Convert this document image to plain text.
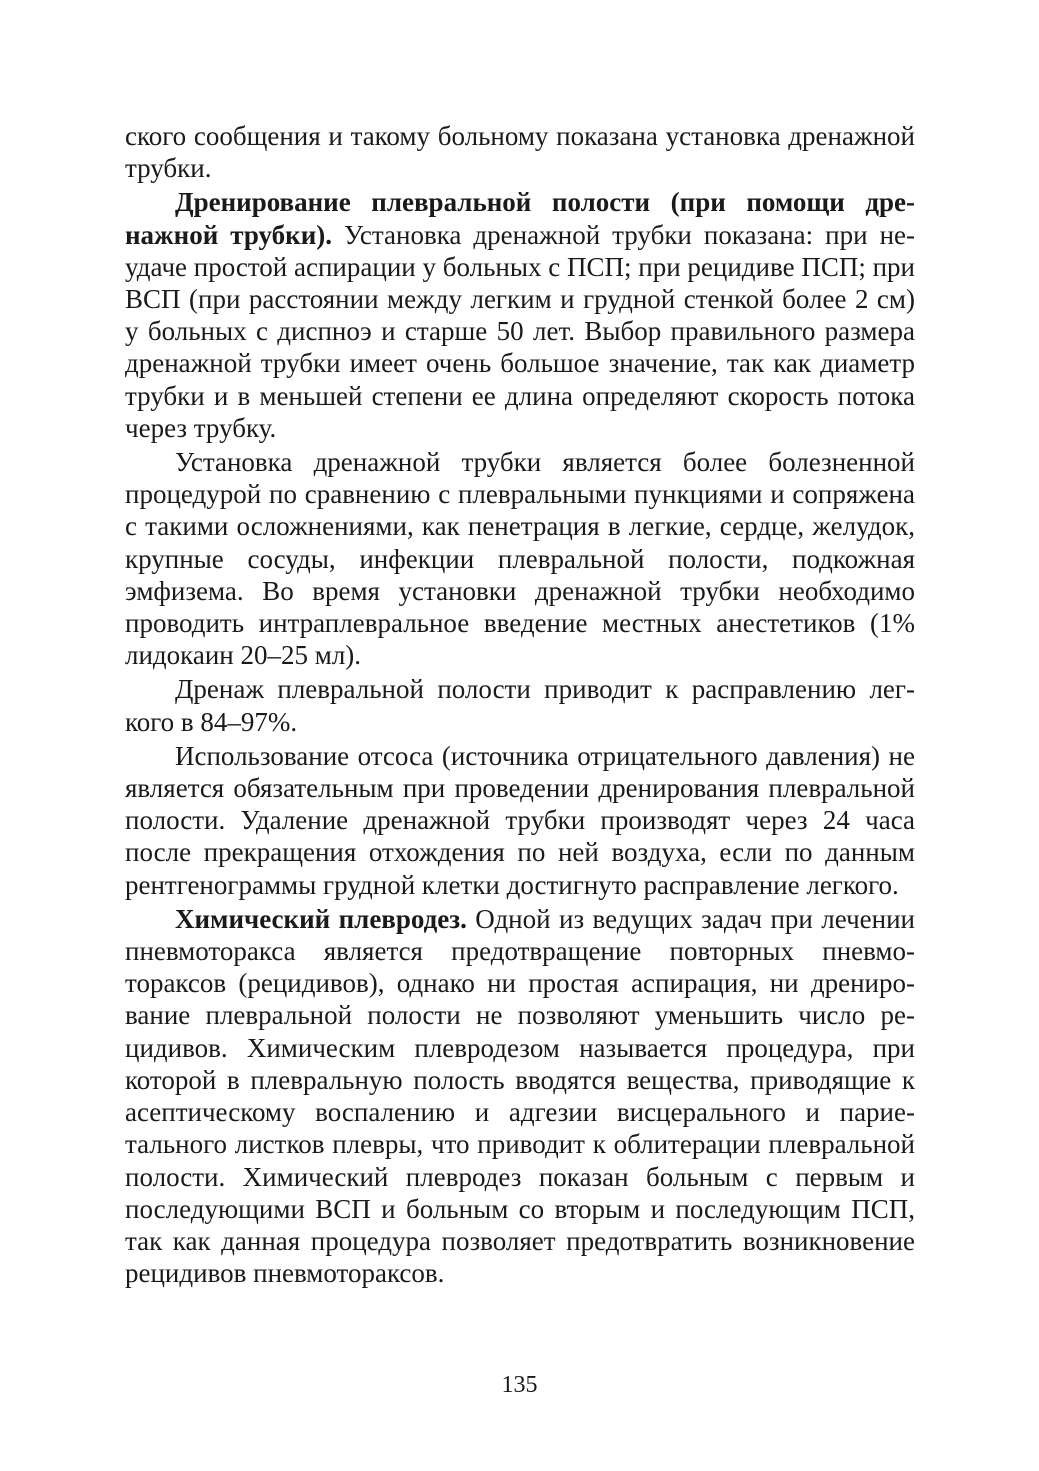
ского сообщения и такому больному показана установка дренажной трубки.

Дренирование плевральной полости (при помощи дренажной трубки). Установка дренажной трубки показана: при неудаче простой аспирации у больных с ПСП; при рецидиве ПСП; при ВСП (при расстоянии между легким и грудной стенкой более 2 см) у больных с диспноэ и старше 50 лет. Выбор правильного размера дренажной трубки имеет очень большое значение, так как диаметр трубки и в меньшей степени ее длина определяют скорость потока через трубку.

Установка дренажной трубки является более болезненной процедурой по сравнению с плевральными пункциями и сопряжена с такими осложнениями, как пенетрация в легкие, сердце, желудок, крупные сосуды, инфекции плевральной полости, подкожная эмфизема. Во время установки дренажной трубки необходимо проводить интраплевральное введение местных анестетиков (1% лидокаин 20–25 мл).

Дренаж плевральной полости приводит к расправлению легкого в 84–97%.

Использование отсоса (источника отрицательного давления) не является обязательным при проведении дренирования плевральной полости. Удаление дренажной трубки производят через 24 часа после прекращения отхождения по ней воздуха, если по данным рентгенограммы грудной клетки достигнуто расправление легкого.

Химический плевродез. Одной из ведущих задач при лечении пневмоторакса является предотвращение повторных пневмотораксов (рецидивов), однако ни простая аспирация, ни дренирование плевральной полости не позволяют уменьшить число рецидивов. Химическим плевродезом называется процедура, при которой в плевральную полость вводятся вещества, приводящие к асептическому воспалению и адгезии висцерального и париетального листков плевры, что приводит к облитерации плевральной полости. Химический плевродез показан больным с первым и последующими ВСП и больным со вторым и последующим ПСП, так как данная процедура позволяет предотвратить возникновение рецидивов пневмотораксов.

135
